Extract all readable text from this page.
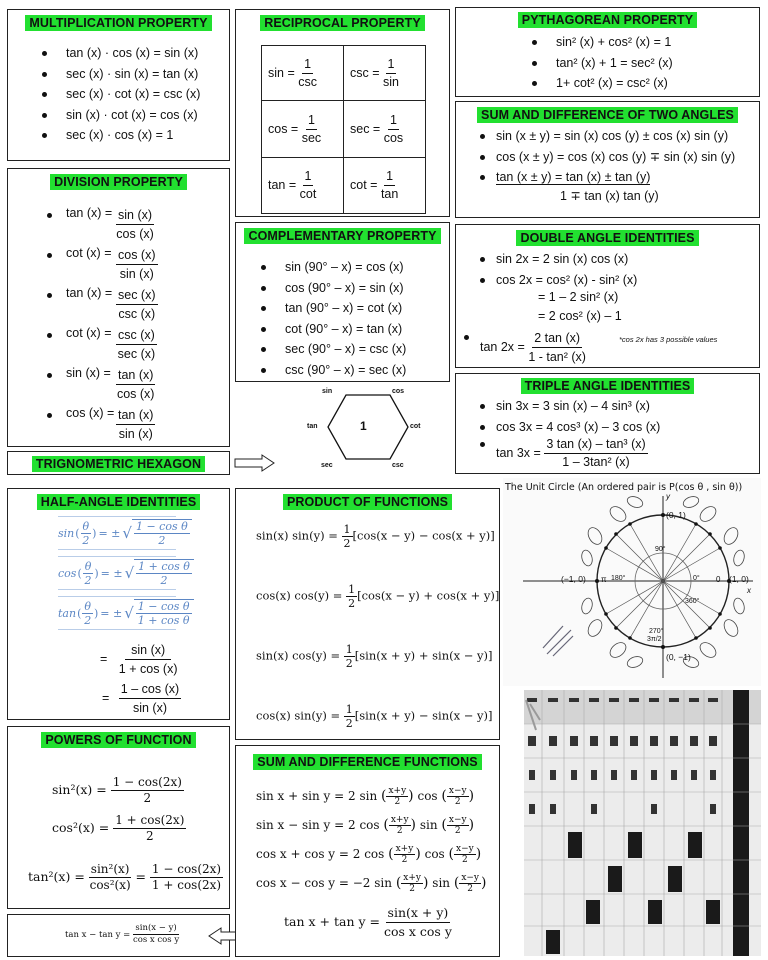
MULTIPLICATION PROPERTY
tan (x) · cos (x) = sin (x)
sec (x) · sin (x) = tan (x)
sec (x) · cot (x) = csc (x)
sin (x) · cot (x) = cos (x)
sec (x) · cos (x) = 1
RECIPROCAL PROPERTY
$\sin = \frac{1}{\csc}$	$\csc = \frac{1}{\sin}$

$\cos = \frac{1}{\sec}$	$\sec = \frac{1}{\cos}$

$\tan = \frac{1}{\cot}$	$\cot = \frac{1}{\tan}$
PYTHAGOREAN PROPERTY
sin² (x) + cos² (x) = 1
tan² (x) + 1 = sec² (x)
1+ cot² (x) = csc² (x)
SUM AND DIFFERENCE OF TWO ANGLES
sin (x ± y) = sin (x) cos (y) ± cos (x) sin (y)
cos (x ± y) = cos (x) cos (y) ∓ sin (x) sin (y)
tan (x ± y) = tan (x) ± tan (y)
1 ∓ tan (x) tan (y)
DIVISION PROPERTY
$\tan (x) = \frac{\sin (x)}{\cos (x)}$
$\cot (x) = \frac{\cos (x)}{\sin (x)}$
tan (x) = sec (x)
csc (x)
cot (x) = csc (x)
sec (x)
$\sin (x) = \frac{\tan (x)}{\cos (x)}$
$\cos (x) = \frac{\tan (x)}{\sin (x)}$
COMPLEMENTARY PROPERTY
sin (90° – x) = cos (x)
cos (90° – x) = sin (x)
tan (90° – x) = cot (x)
cot (90° – x) = tan (x)
sec (90° – x) = csc (x)
csc (90° – x) = sec (x)
DOUBLE ANGLE IDENTITIES
sin 2x = 2 sin (x) cos (x)
cos 2x = cos² (x) - sin² (x)
= 1 – 2 sin² (x)
= 2 cos² (x) – 1
$\tan 2x = \frac{2 \tan (x)}{\text{1 - tan² (x)}}$	*cos 2x has 3 possible values
TRIPLE ANGLE IDENTITIES
sin 3x = 3 sin (x) – 4 sin³ (x)
cos 3x = 4 cos³ (x) – 3 cos (x)
$\tan 3x = \frac{\text{3 tan (x) – tan³ (x)}}{\text{1 – 3tan² (x)}}$
TRIGNOMETRIC HEXAGON
sin	cos
tan	cot
sec	csc
1
HALF-ANGLE IDENTITIES
sin ( $\frac{\theta}{2}$ ) = ± √ $\frac{\text{1 − cos θ}}{2}$
cos ( $\frac{\theta}{2}$ ) = ± √ $\frac{\text{1 + cos θ}}{2}$
tan ( $\frac{\theta}{2}$ ) = ± √ $\frac{\text{1 − cos θ}}{\text{1 + cos θ}}$
= $\frac{\sin (x)}{1 + \cos (x)}$
= $\frac{1 - \cos (x)}{\sin (x)}$
PRODUCT OF FUNCTIONS
sin(x) $\sin(y) = \frac{1}{2} [\cos(x - y) - \cos(x + y)]$
cos(x) $\cos(y) = \frac{1}{2} [\cos(x - y) + \cos(x + y)]$
sin(x) $\cos(y) = \frac{1}{2} [\sin(x + y) + \sin(x - y)]$
cos(x) $\sin(y) = \frac{1}{2} [\sin(x + y) - \sin(x - y)]$
The Unit Circle (An ordered pair is P(cos θ , sin θ))
(0, 1)
(−1, 0)	(1, 0)
(0, −1)
x
y
90°
180°	0°
270°
360°
π	0
3π/2
POWERS OF FUNCTION
$\sin^2(x) = \frac{1 - \cos(2x)}{2}$
$\cos^2(x) = \frac{1 + \cos(2x)}{2}$
$\tan^2(x) = \frac{\text{sin²(x)}}{\text{cos²(x)}} = \frac{1 - \cos(2x)}{1 + \cos(2x)}$
$\tan x - \tan y = \frac{\sin(x - y)}{\text{cos x cos y}}$
SUM AND DIFFERENCE FUNCTIONS
sin x + sin y = 2 sin ( $\frac{x+y}{2}$ ) cos ( $\frac{x-y}{2}$ )
sin x − sin y = 2 cos ( $\frac{x+y}{2}$ ) sin ( $\frac{x-y}{2}$ )
cos x + cos y = 2 cos ( $\frac{x+y}{2}$ ) cos ( $\frac{x-y}{2}$ )
cos x − cos y = −2 sin ( $\frac{x+y}{2}$ ) sin ( $\frac{x-y}{2}$ )
$\tan x + \tan y = \frac{\sin(x + y)}{\text{cos x cos y}}$
